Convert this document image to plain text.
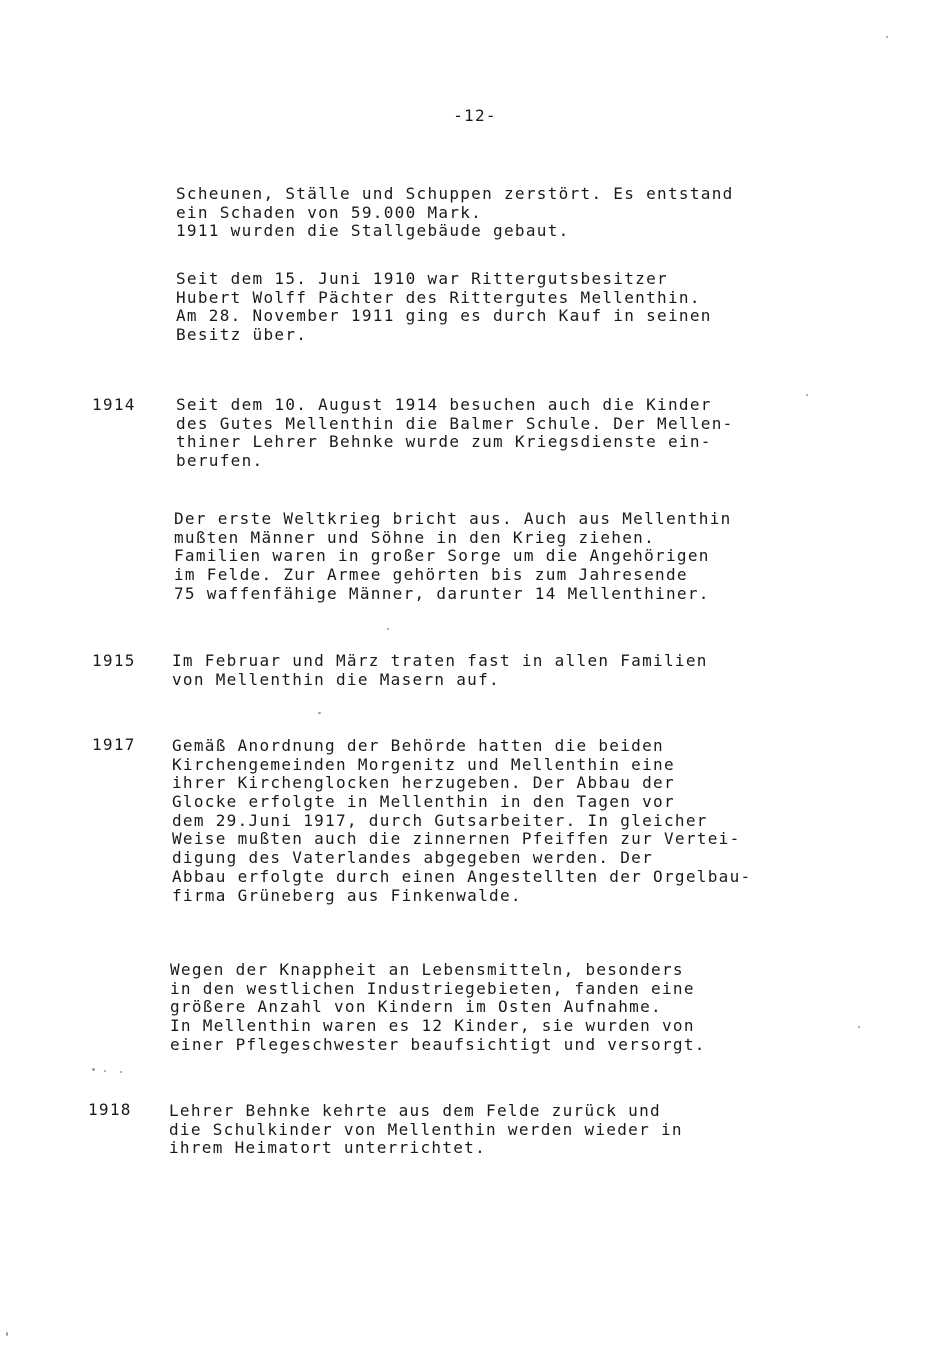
-12-
Scheunen, Ställe und Schuppen zerstört. Es entstand
ein Schaden von 59.000 Mark.
1911 wurden die Stallgebäude gebaut.
Seit dem 15. Juni 1910 war Rittergutsbesitzer
Hubert Wolff Pächter des Rittergutes Mellenthin.
Am 28. November 1911 ging es durch Kauf in seinen
Besitz über.
1914	Seit dem 10. August 1914 besuchen auch die Kinder
des Gutes Mellenthin die Balmer Schule. Der Mellen-
thiner Lehrer Behnke wurde zum Kriegsdienste ein-
berufen.
Der erste Weltkrieg bricht aus. Auch aus Mellenthin
mußten Männer und Söhne in den Krieg ziehen.
Familien waren in großer Sorge um die Angehörigen
im Felde. Zur Armee gehörten bis zum Jahresende
75 waffenfähige Männer, darunter 14 Mellenthiner.
1915 Im Februar und März traten fast in allen Familien
von Mellenthin die Masern auf.
1917 Gemäß Anordnung der Behörde hatten die beiden
Kirchengemeinden Morgenitz und Mellenthin eine
ihrer Kirchenglocken herzugeben. Der Abbau der
Glocke erfolgte in Mellenthin in den Tagen vor
dem 29.Juni 1917, durch Gutsarbeiter. In gleicher
Weise mußten auch die zinnernen Pfeiffen zur Vertei-
digung des Vaterlandes abgegeben werden. Der
Abbau erfolgte durch einen Angestellten der Orgelbau-
firma Grüneberg aus Finkenwalde.
Wegen der Knappheit an Lebensmitteln, besonders
in den westlichen Industriegebieten, fanden eine
größere Anzahl von Kindern im Osten Aufnahme.
In Mellenthin waren es 12 Kinder, sie wurden von
einer Pflegeschwester beaufsichtigt und versorgt.
1918 Lehrer Behnke kehrte aus dem Felde zurück und
die Schulkinder von Mellenthin werden wieder in
ihrem Heimatort unterrichtet.
